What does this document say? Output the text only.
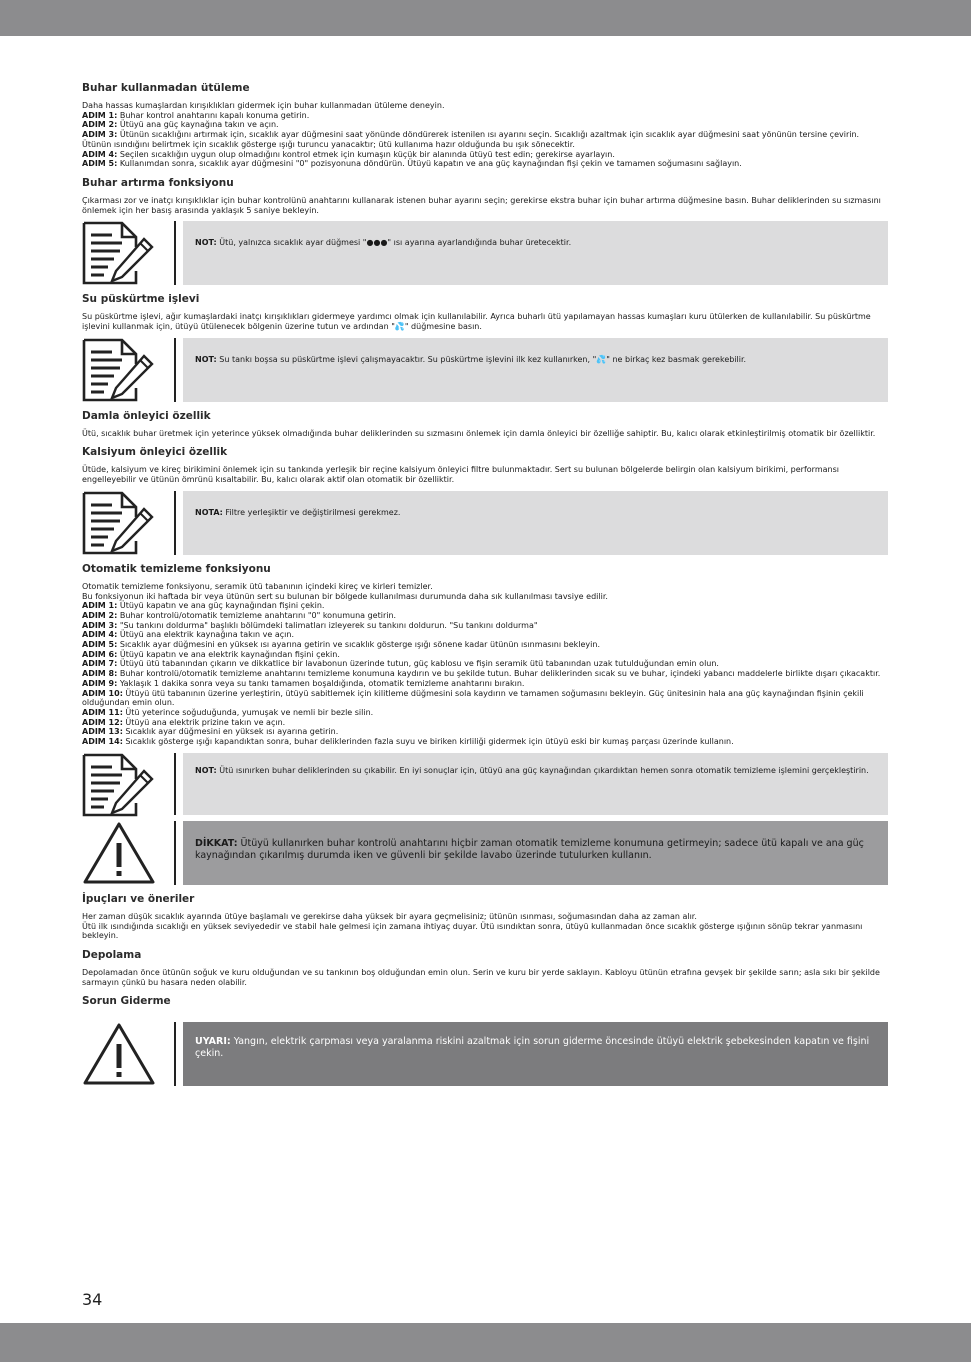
Buhar kullanmadan ütüleme

Daha hassas kumaşlardan kırışıklıkları gidermek için buhar kullanmadan ütüleme deneyin.

ADIM 1: Buhar kontrol anahtarını kapalı konuma getirin.

ADIM 2: Ütüyü ana güç kaynağına takın ve açın.

ADIM 3: Ütünün sıcaklığını artırmak için, sıcaklık ayar düğmesini saat yönünde döndürerek istenilen ısı ayarını seçin. Sıcaklığı azaltmak için sıcaklık ayar düğmesini saat yönünün tersine çevirin. Ütünün ısındığını belirtmek için sıcaklık gösterge ışığı turuncu yanacaktır; ütü kullanıma hazır olduğunda bu ışık sönecektir.

ADIM 4: Seçilen sıcaklığın uygun olup olmadığını kontrol etmek için kumaşın küçük bir alanında ütüyü test edin; gerekirse ayarlayın.

ADIM 5: Kullanımdan sonra, sıcaklık ayar düğmesini "0" pozisyonuna döndürün. Ütüyü kapatın ve ana güç kaynağından fişi çekin ve tamamen soğumasını sağlayın.

Buhar artırma fonksiyonu

Çıkarması zor ve inatçı kırışıklıklar için buhar kontrolünü anahtarını kullanarak istenen buhar ayarını seçin; gerekirse ekstra buhar için buhar artırma düğmesine basın. Buhar deliklerinden su sızmasını önlemek için her basış arasında yaklaşık 5 saniye bekleyin.

NOT: Ütü, yalnızca sıcaklık ayar düğmesi "●●●" ısı ayarına ayarlandığında buhar üretecektir.
Su püskürtme işlevi

Su püskürtme işlevi, ağır kumaşlardaki inatçı kırışıklıkları gidermeye yardımcı olmak için kullanılabilir. Ayrıca buharlı ütü yapılamayan hassas kumaşları kuru ütülerken de kullanılabilir. Su püskürtme işlevini kullanmak için, ütüyü ütülenecek bölgenin üzerine tutun ve ardından "💦" düğmesine basın.

NOT: Su tankı boşsa su püskürtme işlevi çalışmayacaktır. Su püskürtme işlevini ilk kez kullanırken, "💦" ne birkaç kez basmak gerekebilir.
Damla önleyici özellik

Ütü, sıcaklık buhar üretmek için yeterince yüksek olmadığında buhar deliklerinden su sızmasını önlemek için damla önleyici bir özelliğe sahiptir. Bu, kalıcı olarak etkinleştirilmiş otomatik bir özelliktir.

Kalsiyum önleyici özellik

Ütüde, kalsiyum ve kireç birikimini önlemek için su tankında yerleşik bir reçine kalsiyum önleyici filtre bulunmaktadır. Sert su bulunan bölgelerde belirgin olan kalsiyum birikimi, performansı engelleyebilir ve ütünün ömrünü kısaltabilir. Bu, kalıcı olarak aktif olan otomatik bir özelliktir.

NOTA: Filtre yerleşiktir ve değiştirilmesi gerekmez.
Otomatik temizleme fonksiyonu

Otomatik temizleme fonksiyonu, seramik ütü tabanının içindeki kireç ve kirleri temizler.

Bu fonksiyonun iki haftada bir veya ütünün sert su bulunan bir bölgede kullanılması durumunda daha sık kullanılması tavsiye edilir.

ADIM 1: Ütüyü kapatın ve ana güç kaynağından fişini çekin.

ADIM 2: Buhar kontrolü/otomatik temizleme anahtarını "0" konumuna getirin.

ADIM 3: "Su tankını doldurma" başlıklı bölümdeki talimatları izleyerek su tankını doldurun. "Su tankını doldurma"

ADIM 4: Ütüyü ana elektrik kaynağına takın ve açın.

ADIM 5: Sıcaklık ayar düğmesini en yüksek ısı ayarına getirin ve sıcaklık gösterge ışığı sönene kadar ütünün ısınmasını bekleyin.

ADIM 6: Ütüyü kapatın ve ana elektrik kaynağından fişini çekin.

ADIM 7: Ütüyü ütü tabanından çıkarın ve dikkatlice bir lavabonun üzerinde tutun, güç kablosu ve fişin seramik ütü tabanından uzak tutulduğundan emin olun.

ADIM 8: Buhar kontrolü/otomatik temizleme anahtarını temizleme konumuna kaydırın ve bu şekilde tutun. Buhar deliklerinden sıcak su ve buhar, içindeki yabancı maddelerle birlikte dışarı çıkacaktır.

ADIM 9: Yaklaşık 1 dakika sonra veya su tankı tamamen boşaldığında, otomatik temizleme anahtarını bırakın.

ADIM 10: Ütüyü ütü tabanının üzerine yerleştirin, ütüyü sabitlemek için kilitleme düğmesini sola kaydırın ve tamamen soğumasını bekleyin. Güç ünitesinin hala ana güç kaynağından fişinin çekili olduğundan emin olun.

ADIM 11: Ütü yeterince soğuduğunda, yumuşak ve nemli bir bezle silin.

ADIM 12: Ütüyü ana elektrik prizine takın ve açın.

ADIM 13: Sıcaklık ayar düğmesini en yüksek ısı ayarına getirin.

ADIM 14: Sıcaklık gösterge ışığı kapandıktan sonra, buhar deliklerinden fazla suyu ve biriken kirliliği gidermek için ütüyü eski bir kumaş parçası üzerinde kullanın.

NOT: Ütü ısınırken buhar deliklerinden su çıkabilir. En iyi sonuçlar için, ütüyü ana güç kaynağından çıkardıktan hemen sonra otomatik temizleme işlemini gerçekleştirin.
DİKKAT: Ütüyü kullanırken buhar kontrolü anahtarını hiçbir zaman otomatik temizleme konumuna getirmeyin; sadece ütü kapalı ve ana güç kaynağından çıkarılmış durumda iken ve güvenli bir şekilde lavabo üzerinde tutulurken kullanın.
İpuçları ve öneriler

Her zaman düşük sıcaklık ayarında ütüye başlamalı ve gerekirse daha yüksek bir ayara geçmelisiniz; ütünün ısınması, soğumasından daha az zaman alır.

Ütü ilk ısındığında sıcaklığı en yüksek seviyededir ve stabil hale gelmesi için zamana ihtiyaç duyar. Ütü ısındıktan sonra, ütüyü kullanmadan önce sıcaklık gösterge ışığının sönüp tekrar yanmasını bekleyin.

Depolama

Depolamadan önce ütünün soğuk ve kuru olduğundan ve su tankının boş olduğundan emin olun. Serin ve kuru bir yerde saklayın. Kabloyu ütünün etrafına gevşek bir şekilde sarın; asla sıkı bir şekilde sarmayın çünkü bu hasara neden olabilir.

Sorun Giderme
UYARI: Yangın, elektrik çarpması veya yaralanma riskini azaltmak için sorun giderme öncesinde ütüyü elektrik şebekesinden kapatın ve fişini çekin.
34
